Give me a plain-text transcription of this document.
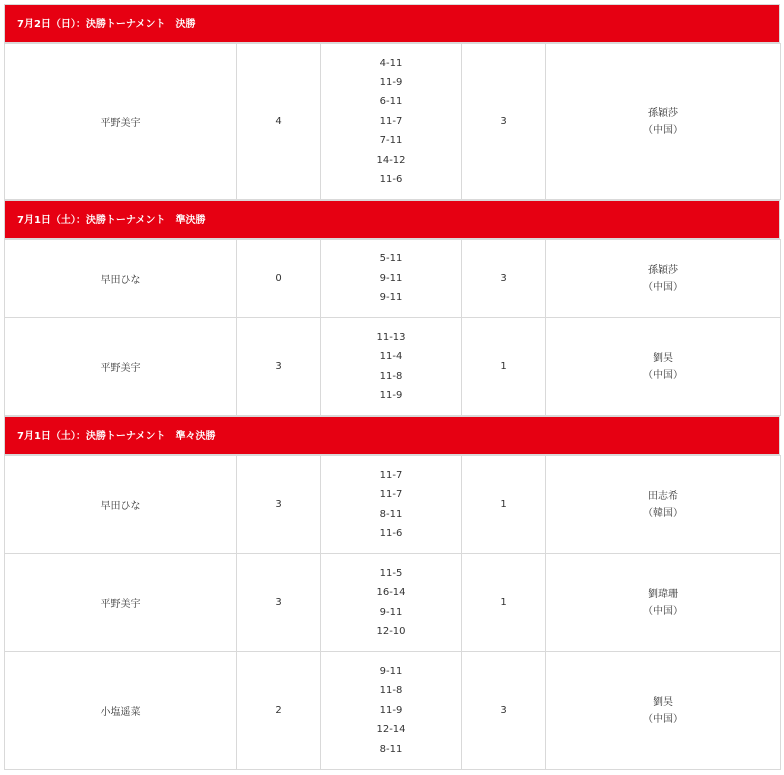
7月2日（日）：決勝トーナメント　決勝
平野美宇	4	
4-11
11-9
6-11
11-7
7-11
14-12
11-6
	3	
孫穎莎
（中国）
7月1日（土）：決勝トーナメント　準決勝
早田ひな	0	5-11
9-11
9-11	3	孫穎莎
（中国）

平野美宇	3	11-13
11-4
11-8
11-9	1	劉昊
（中国）
7月1日（土）：決勝トーナメント　準々決勝
早田ひな	3	11-7
11-7
8-11
11-6	1	田志希
（韓国）

平野美宇	3	11-5
16-14
9-11
12-10	1	劉瑋珊
（中国）

小塩遥菜	2	9-11
11-8
11-9
12-14
8-11	3	劉昊
（中国）
